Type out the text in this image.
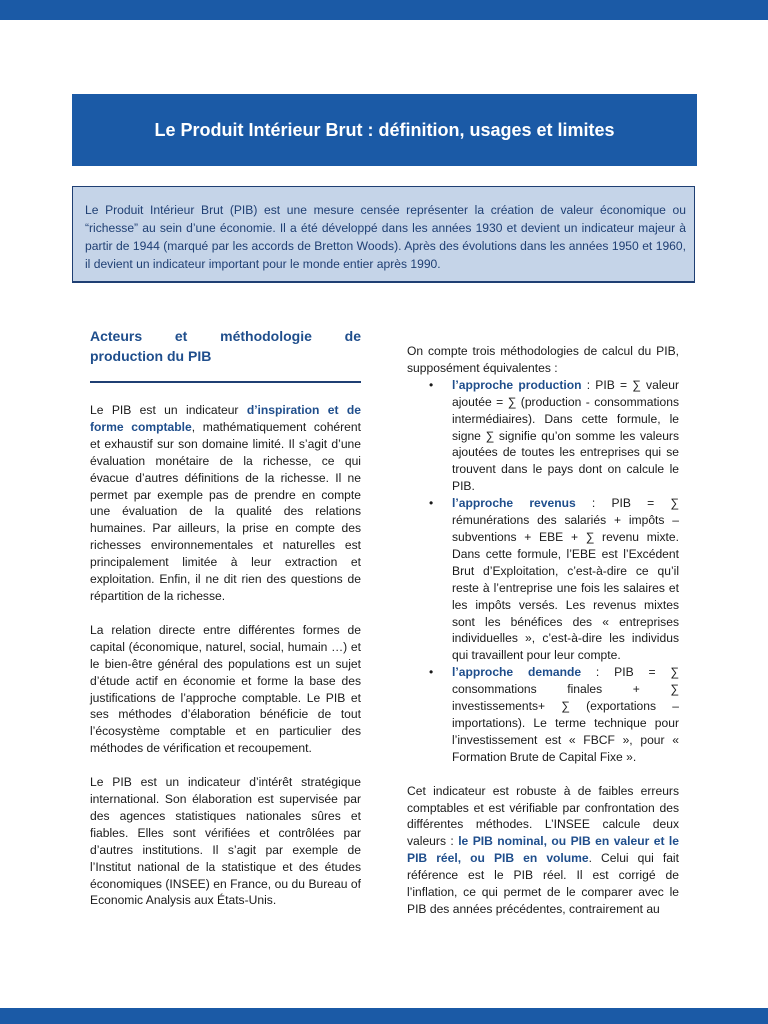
Le Produit Intérieur Brut : définition, usages et limites
Le Produit Intérieur Brut (PIB) est une mesure censée représenter la création de valeur économique ou “richesse” au sein d’une économie. Il a été développé dans les années 1930 et devient un indicateur majeur à partir de 1944 (marqué par les accords de Bretton Woods). Après des évolutions dans les années 1950 et 1960, il devient un indicateur important pour le monde entier après 1990.
Acteurs et méthodologie de
production du PIB

Le PIB est un indicateur d’inspiration et de forme comptable, mathématiquement cohérent et exhaustif sur son domaine limité. Il s’agit d’une évaluation monétaire de la richesse, ce qui évacue d’autres définitions de la richesse. Il ne permet par exemple pas de prendre en compte une évaluation de la qualité des relations humaines. Par ailleurs, la prise en compte des richesses environnementales et naturelles est principalement limitée à leur extraction et exploitation. Enfin, il ne dit rien des questions de répartition de la richesse.

La relation directe entre différentes formes de capital (économique, naturel, social, humain …) et le bien-être général des populations est un sujet d’étude actif en économie et forme la base des justifications de l’approche comptable. Le PIB et ses méthodes d’élaboration bénéficie de tout l’écosystème comptable et en particulier des méthodes de vérification et recoupement.

Le PIB est un indicateur d’intérêt stratégique international. Son élaboration est supervisée par des agences statistiques nationales sûres et fiables. Elles sont vérifiées et contrôlées par d’autres institutions. Il s’agit par exemple de l’Institut national de la statistique et des études économiques (INSEE) en France, ou du Bureau of Economic Analysis aux États-Unis.

On compte trois méthodologies de calcul du PIB, supposément équivalentes :

• l’approche production : PIB = ∑ valeur ajoutée = ∑ (production - consommations intermédiaires). Dans cette formule, le signe ∑ signifie qu’on somme les valeurs ajoutées de toutes les entreprises qui se trouvent dans le pays dont on calcule le PIB.
• l’approche revenus : PIB = ∑ rémunérations des salariés + impôts – subventions + EBE + ∑ revenu mixte. Dans cette formule, l’EBE est l’Excédent Brut d’Exploitation, c’est-à-dire ce qu’il reste à l’entreprise une fois les salaires et les impôts versés. Les revenus mixtes sont les bénéfices des « entreprises individuelles », c’est-à-dire les individus qui travaillent pour leur compte.
• l’approche demande : PIB = ∑ consommations finales + ∑ investissements+ ∑ (exportations – importations). Le terme technique pour l’investissement est « FBCF », pour « Formation Brute de Capital Fixe ».

Cet indicateur est robuste à de faibles erreurs comptables et est vérifiable par confrontation des différentes méthodes. L’INSEE calcule deux valeurs : le PIB nominal, ou PIB en valeur et le PIB réel, ou PIB en volume. Celui qui fait référence est le PIB réel. Il est corrigé de l’inflation, ce qui permet de le comparer avec le PIB des années précédentes, contrairement au
